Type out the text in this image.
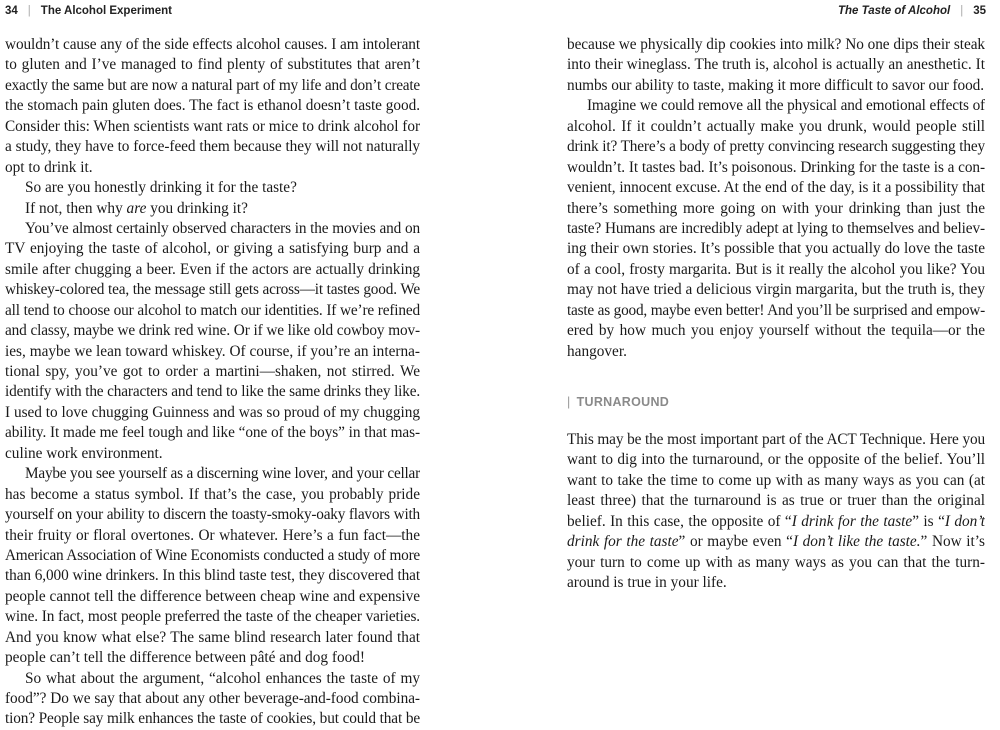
34 | The Alcohol Experiment
wouldn’t cause any of the side effects alcohol causes. I am intolerant
to gluten and I’ve managed to find plenty of substitutes that aren’t
exactly the same but are now a natural part of my life and don’t create
the stomach pain gluten does. The fact is ethanol doesn’t taste good.
Consider this: When scientists want rats or mice to drink alcohol for
a study, they have to force-feed them because they will not naturally
opt to drink it.
So are you honestly drinking it for the taste?
If not, then why are you drinking it?
You’ve almost certainly observed characters in the movies and on
TV enjoying the taste of alcohol, or giving a satisfying burp and a
smile after chugging a beer. Even if the actors are actually drinking
whiskey-colored tea, the message still gets across—it tastes good. We
all tend to choose our alcohol to match our identities. If we’re refined
and classy, maybe we drink red wine. Or if we like old cowboy mov-
ies, maybe we lean toward whiskey. Of course, if you’re an interna-
tional spy, you’ve got to order a martini—shaken, not stirred. We
identify with the characters and tend to like the same drinks they like.
I used to love chugging Guinness and was so proud of my chugging
ability. It made me feel tough and like “one of the boys” in that mas-
culine work environment.
Maybe you see yourself as a discerning wine lover, and your cellar
has become a status symbol. If that’s the case, you probably pride
yourself on your ability to discern the toasty-smoky-oaky flavors with
their fruity or floral overtones. Or whatever. Here’s a fun fact—the
American Association of Wine Economists conducted a study of more
than 6,000 wine drinkers. In this blind taste test, they discovered that
people cannot tell the difference between cheap wine and expensive
wine. In fact, most people preferred the taste of the cheaper varieties.
And you know what else? The same blind research later found that
people can’t tell the difference between pâté and dog food!
So what about the argument, “alcohol enhances the taste of my
food”? Do we say that about any other beverage-and-food combina-
tion? People say milk enhances the taste of cookies, but could that be
The Taste of Alcohol | 35
because we physically dip cookies into milk? No one dips their steak
into their wineglass. The truth is, alcohol is actually an anesthetic. It
numbs our ability to taste, making it more difficult to savor our food.
Imagine we could remove all the physical and emotional effects of
alcohol. If it couldn’t actually make you drunk, would people still
drink it? There’s a body of pretty convincing research suggesting they
wouldn’t. It tastes bad. It’s poisonous. Drinking for the taste is a con-
venient, innocent excuse. At the end of the day, is it a possibility that
there’s something more going on with your drinking than just the
taste? Humans are incredibly adept at lying to themselves and believ-
ing their own stories. It’s possible that you actually do love the taste
of a cool, frosty margarita. But is it really the alcohol you like? You
may not have tried a delicious virgin margarita, but the truth is, they
taste as good, maybe even better! And you’ll be surprised and empow-
ered by how much you enjoy yourself without the tequila—or the
hangover.
| TURNAROUND
This may be the most important part of the ACT Technique. Here you
want to dig into the turnaround, or the opposite of the belief. You’ll
want to take the time to come up with as many ways as you can (at
least three) that the turnaround is as true or truer than the original
belief. In this case, the opposite of “I drink for the taste” is “I don’t
drink for the taste” or maybe even “I don’t like the taste.” Now it’s
your turn to come up with as many ways as you can that the turn-
around is true in your life.
